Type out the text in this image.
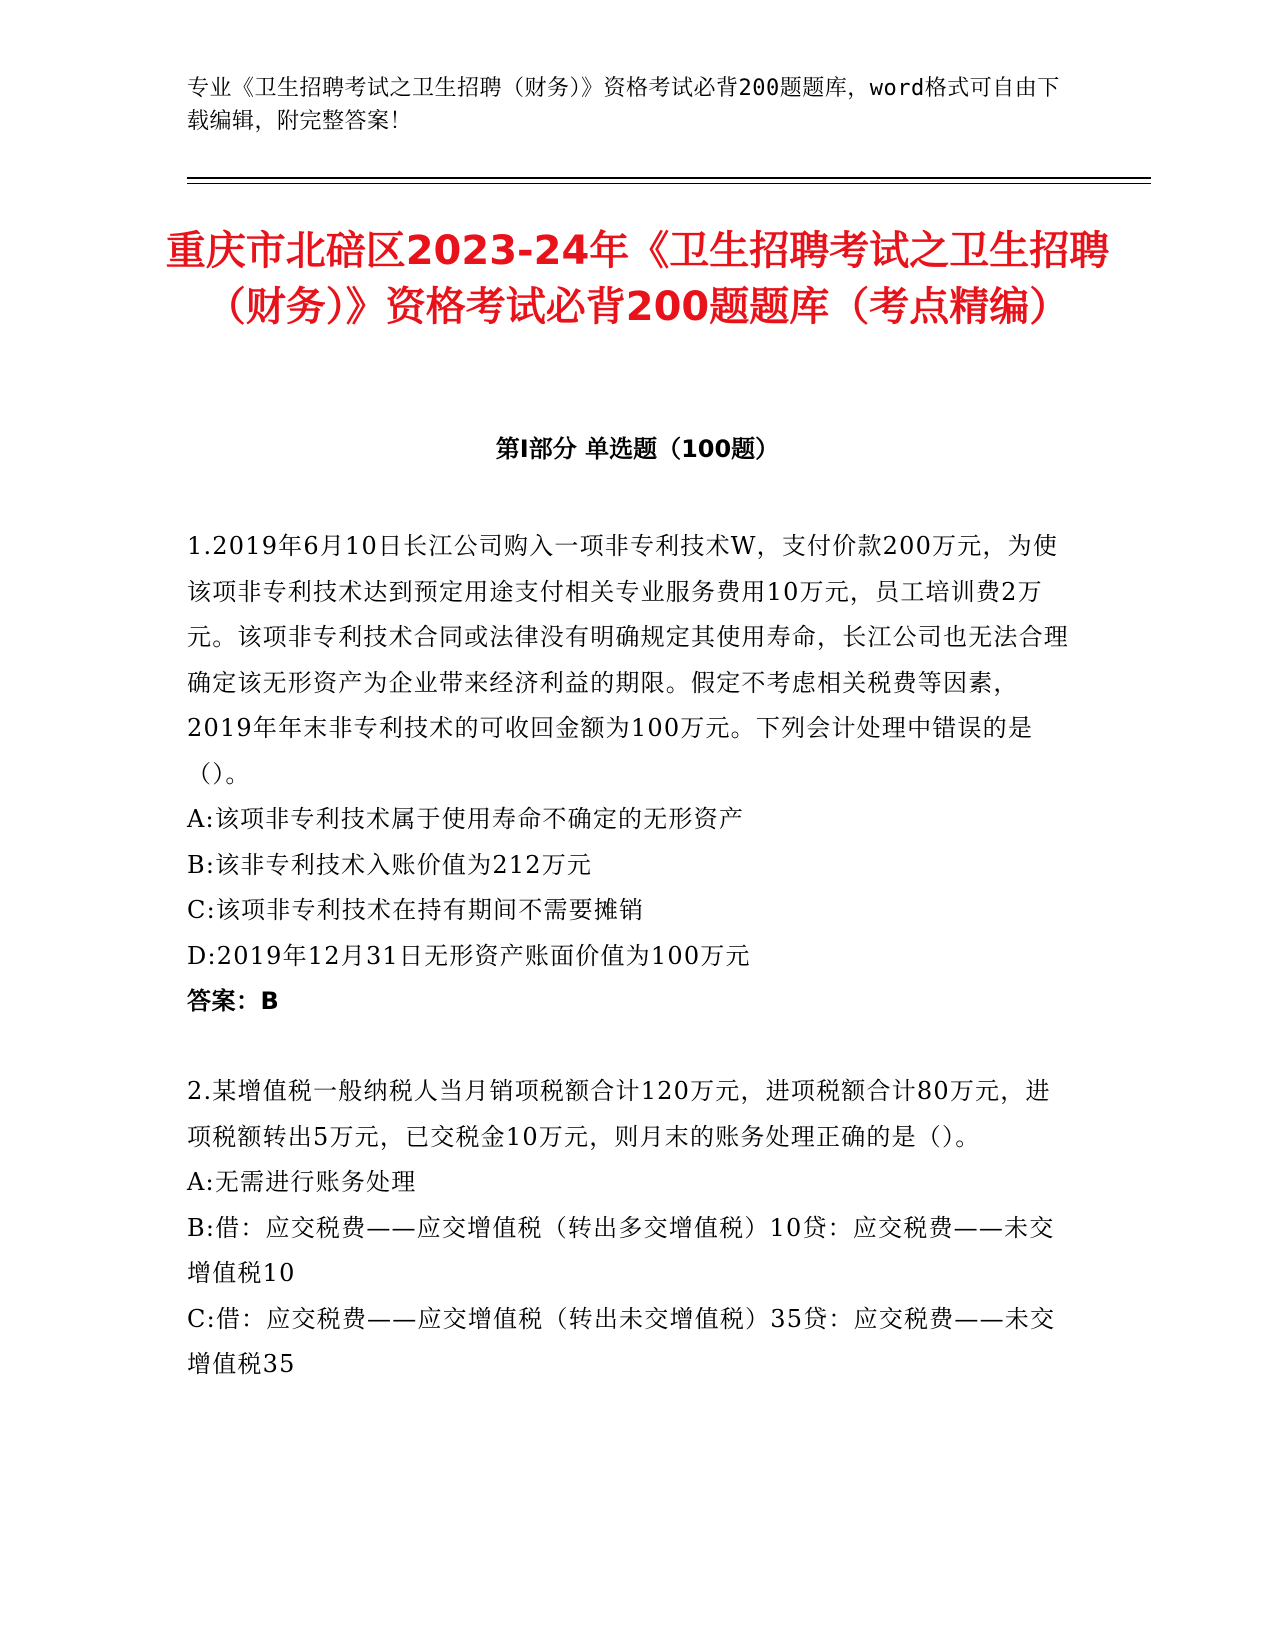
专业《卫生招聘考试之卫生招聘（财务）》资格考试必背200题题库，word格式可自由下载编辑，附完整答案！
重庆市北碚区2023-24年《卫生招聘考试之卫生招聘（财务）》资格考试必背200题题库（考点精编）
第I部分 单选题（100题）
1.2019年6月10日长江公司购入一项非专利技术W，支付价款200万元，为使该项非专利技术达到预定用途支付相关专业服务费用10万元，员工培训费2万元。该项非专利技术合同或法律没有明确规定其使用寿命，长江公司也无法合理确定该无形资产为企业带来经济利益的期限。假定不考虑相关税费等因素，2019年年末非专利技术的可收回金额为100万元。下列会计处理中错误的是（）。
A:该项非专利技术属于使用寿命不确定的无形资产
B:该非专利技术入账价值为212万元
C:该项非专利技术在持有期间不需要摊销
D:2019年12月31日无形资产账面价值为100万元
答案：B
2.某增值税一般纳税人当月销项税额合计120万元，进项税额合计80万元，进项税额转出5万元，已交税金10万元，则月末的账务处理正确的是（）。
A:无需进行账务处理
B:借：应交税费——应交增值税（转出多交增值税）10贷：应交税费——未交增值税10
C:借：应交税费——应交增值税（转出未交增值税）35贷：应交税费——未交增值税35
